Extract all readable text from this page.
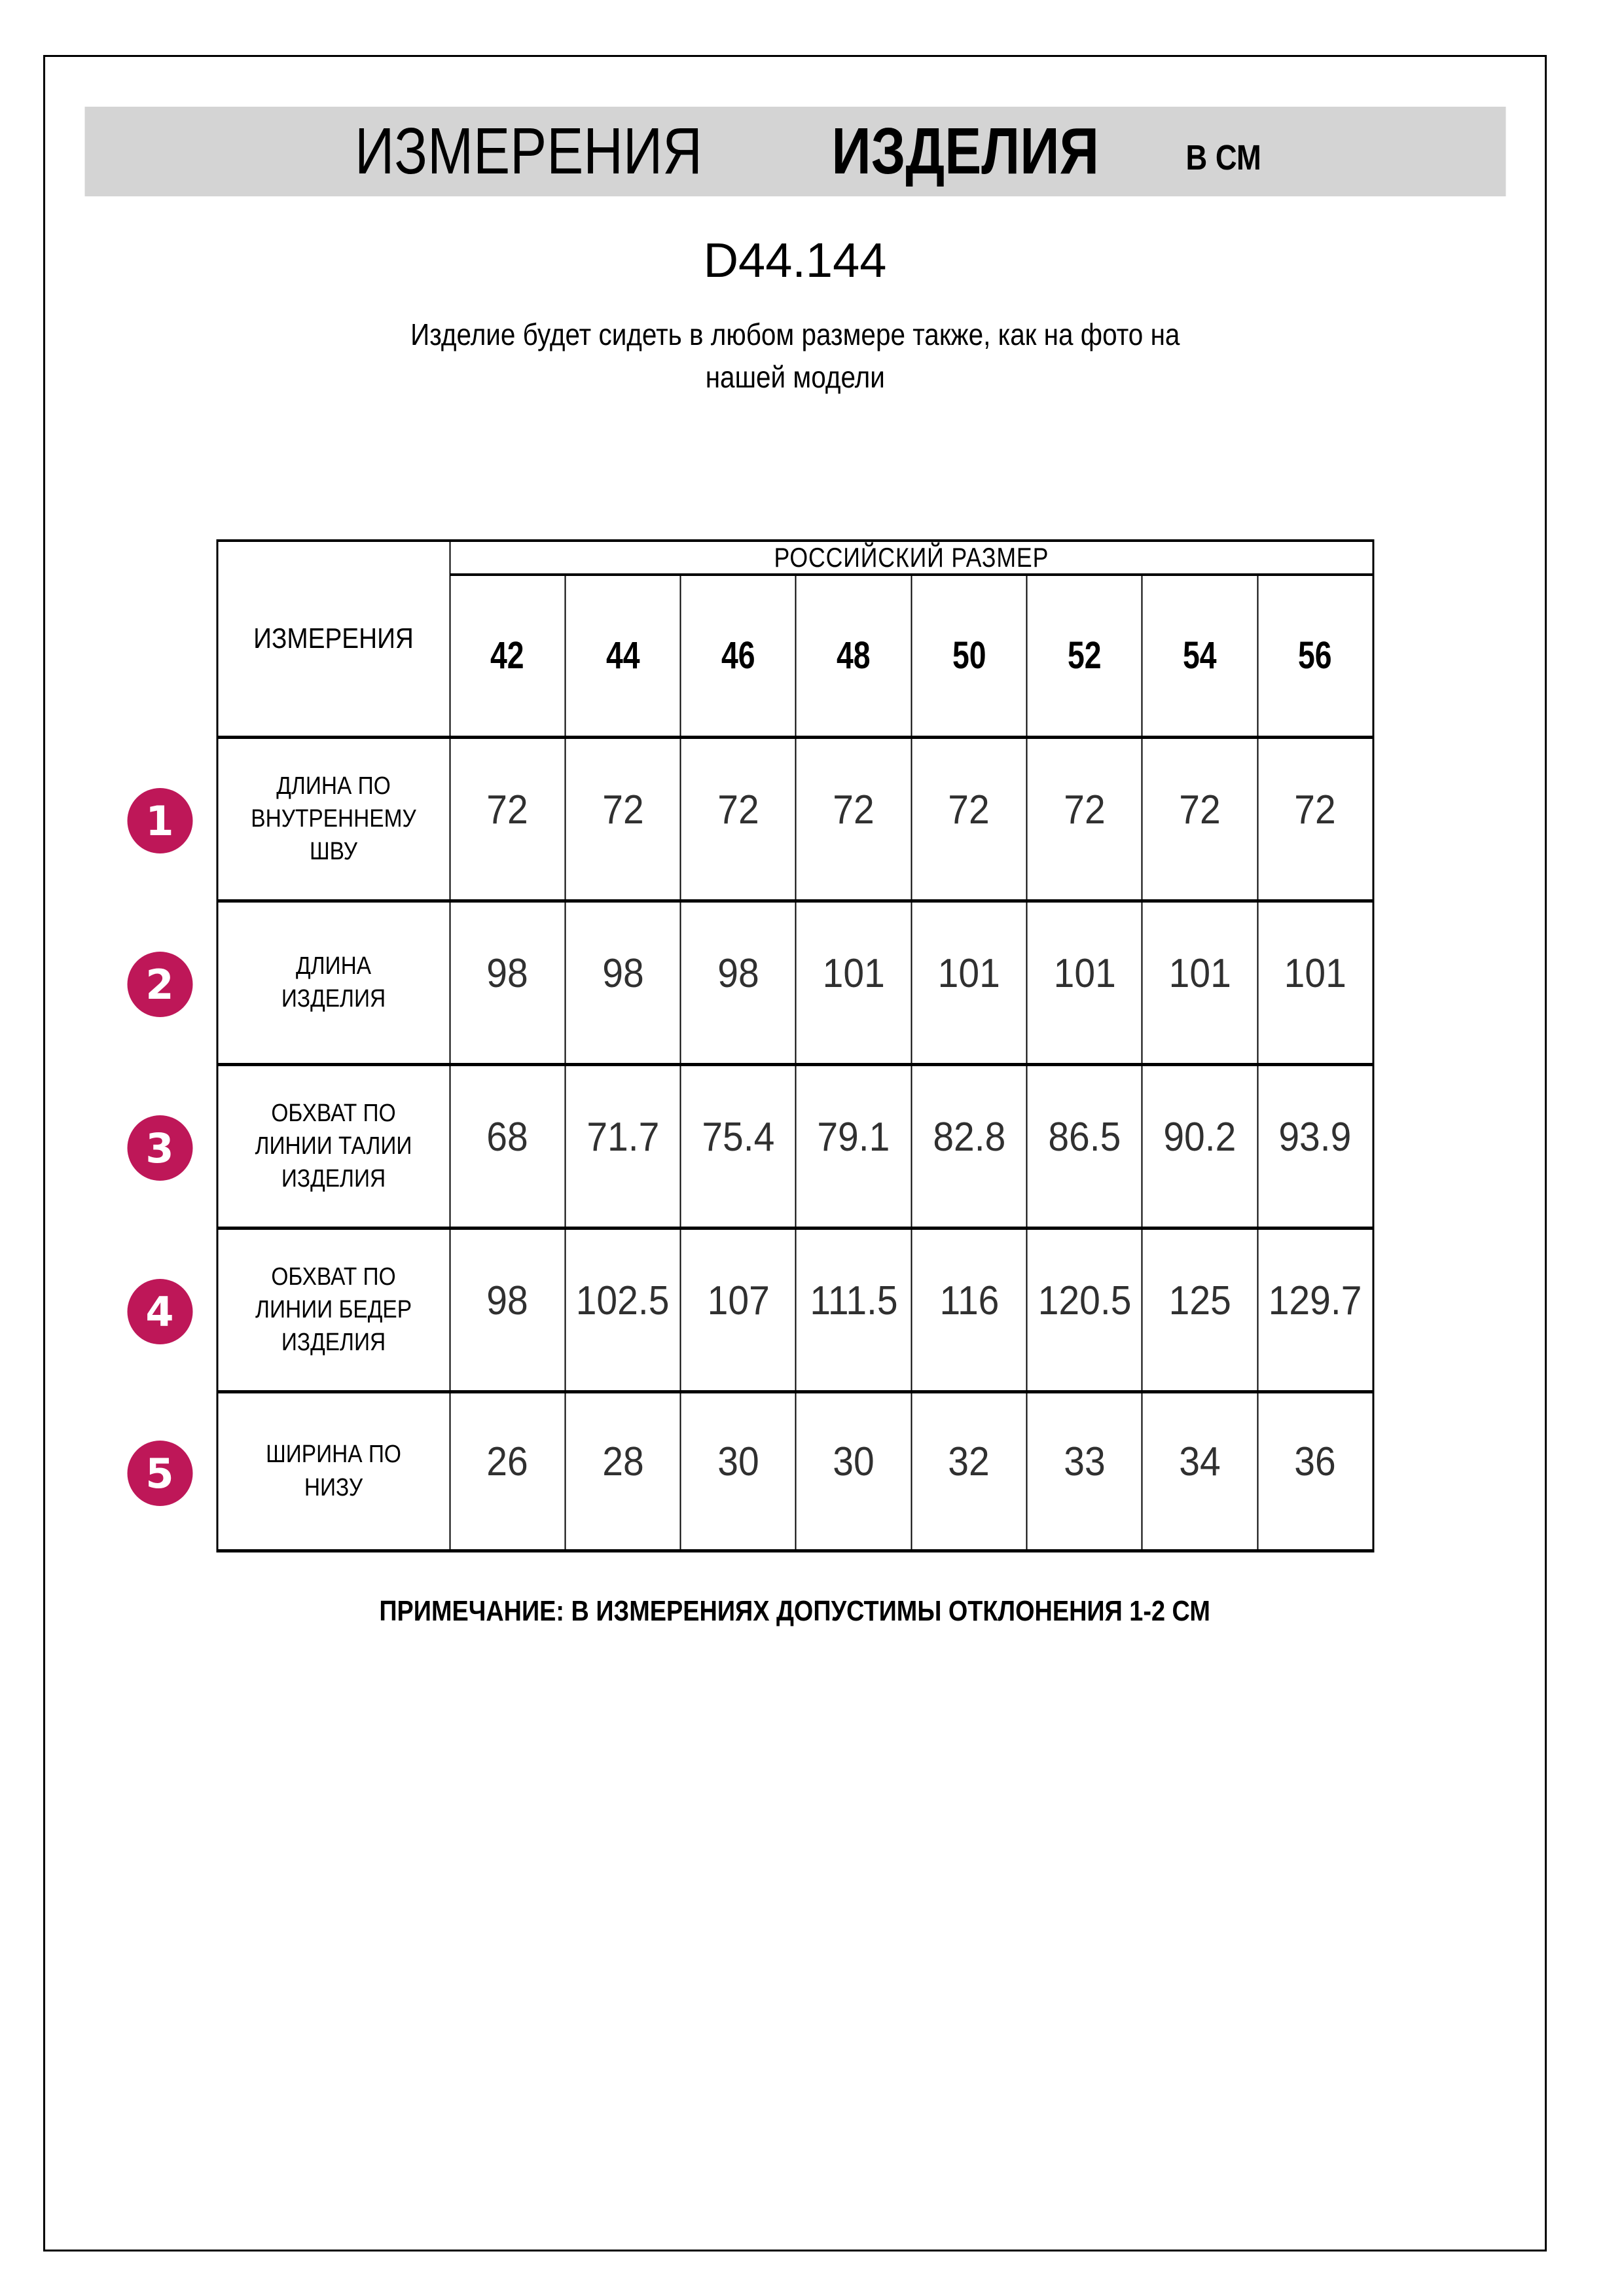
ИЗМЕРЕНИЯ ИЗДЕЛИЯ В СМ
D44.144
Изделие будет сидеть в любом размере также, как на фото на
нашей модели
1
2
3
4
5
ИЗМЕРЕНИЯ	РОССИЙСКИЙ РАЗМЕР							
	42	44	46	48	50	52	54	56
ДЛИНА ПО ВНУТРЕННЕМУ ШВУ	72	72	72	72	72	72	72	72
ДЛИНА ИЗДЕЛИЯ	98	98	98	101	101	101	101	101
ОБХВАТ ПО ЛИНИИ ТАЛИИ ИЗДЕЛИЯ	68	71.7	75.4	79.1	82.8	86.5	90.2	93.9
ОБХВАТ ПО ЛИНИИ БЕДЕР ИЗДЕЛИЯ	98	102.5	107	111.5	116	120.5	125	129.7
ШИРИНА ПО НИЗУ	26	28	30	30	32	33	34	36
ПРИМЕЧАНИЕ: В ИЗМЕРЕНИЯХ ДОПУСТИМЫ ОТКЛОНЕНИЯ 1-2 СМ
